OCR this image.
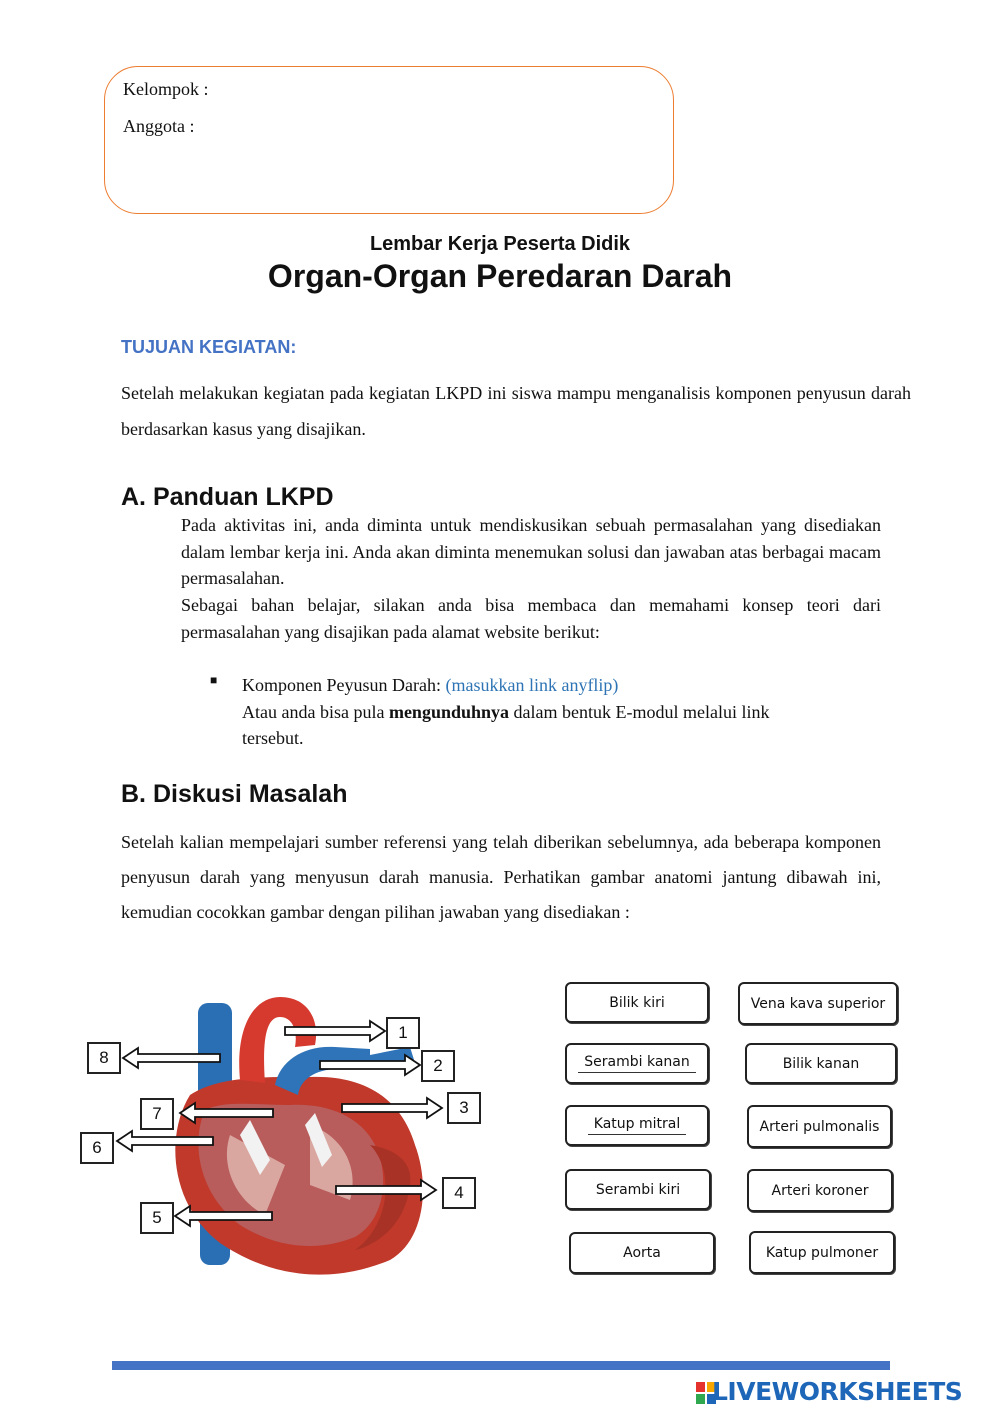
Kelompok :
Anggota :
Lembar Kerja Peserta Didik
Organ-Organ Peredaran Darah
TUJUAN KEGIATAN:
Setelah melakukan kegiatan pada kegiatan LKPD ini siswa mampu menganalisis komponen penyusun darah berdasarkan kasus yang disajikan.
A. Panduan LKPD
Pada aktivitas ini, anda diminta untuk mendiskusikan sebuah permasalahan yang disediakan dalam lembar kerja ini. Anda akan diminta menemukan solusi dan jawaban atas berbagai macam permasalahan.
Sebagai bahan belajar, silakan anda bisa membaca dan memahami konsep teori dari permasalahan yang disajikan pada alamat website berikut:
■ Komponen Peyusun Darah: (masukkan link anyflip)
Atau anda bisa pula mengunduhnya dalam bentuk E-modul melalui link
tersebut.
B. Diskusi Masalah
Setelah kalian mempelajari sumber referensi yang telah diberikan sebelumnya, ada beberapa komponen penyusun darah yang menyusun darah manusia. Perhatikan gambar anatomi jantung dibawah ini, kemudian cocokkan gambar dengan pilihan jawaban yang disediakan :
1
2
3
4
5
6
7
8
Bilik kiri	Vena kava superior
Serambi kanan	Bilik kanan
Katup mitral	Arteri pulmonalis
Serambi kiri	Arteri koroner
Aorta	Katup pulmoner
LIVEWORKSHEETS
